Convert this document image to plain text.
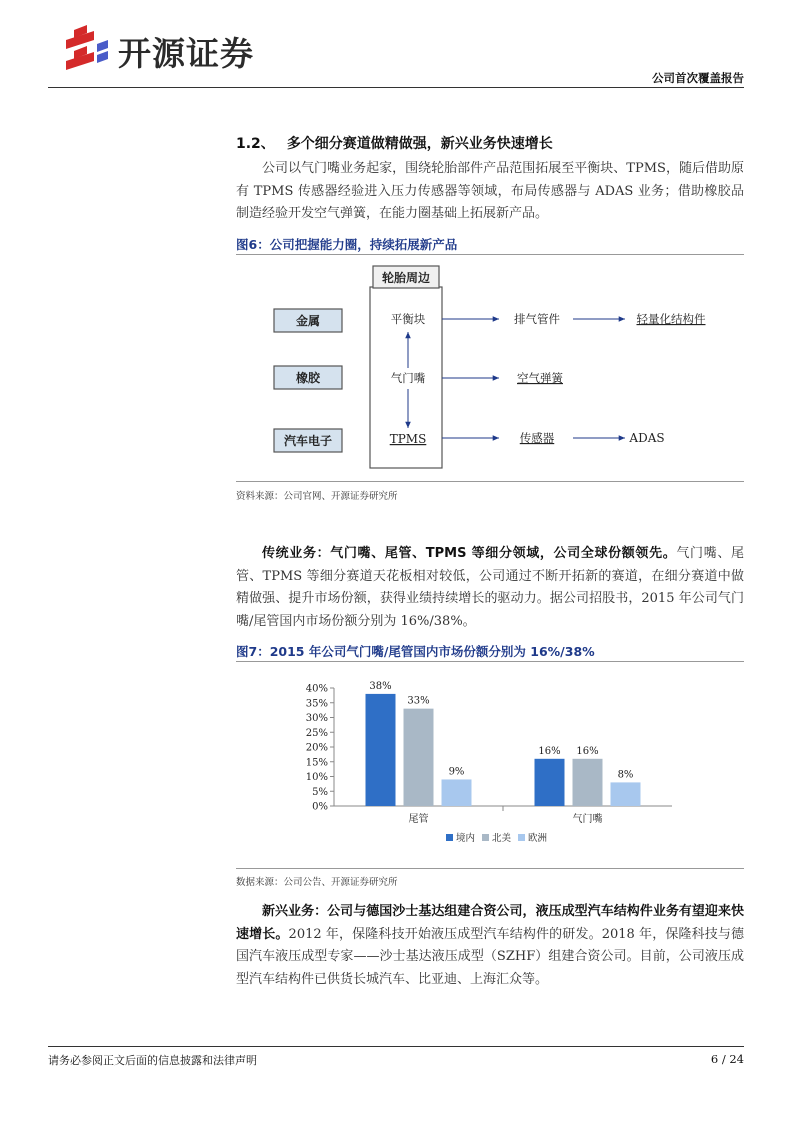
开源证券
公司首次覆盖报告
1.2、 多个细分赛道做精做强，新兴业务快速增长
公司以气门嘴业务起家，围绕轮胎部件产品范围拓展至平衡块、TPMS，随后借助原有 TPMS 传感器经验进入压力传感器等领域，布局传感器与 ADAS 业务；借助橡胶品制造经验开发空气弹簧，在能力圈基础上拓展新产品。
图6：公司把握能力圈，持续拓展新产品
轮胎周边
金属
橡胶
汽车电子
平衡块
气门嘴
TPMS
排气管件	轻量化结构件
空气弹簧
传感器	ADAS
资料来源：公司官网、开源证券研究所
传统业务：气门嘴、尾管、TPMS 等细分领域，公司全球份额领先。气门嘴、尾管、TPMS 等细分赛道天花板相对较低，公司通过不断开拓新的赛道，在细分赛道中做精做强、提升市场份额，获得业绩持续增长的驱动力。据公司招股书，2015 年公司气门嘴/尾管国内市场份额分别为 16%/38%。
图7：2015 年公司气门嘴/尾管国内市场份额分别为 16%/38%
40%
35%
30%
25%
20%
15%
10%
5%
0%
38%
33%
9%
尾管
16% 16%
8%
气门嘴
境内 北美 欧洲
数据来源：公司公告、开源证券研究所
新兴业务：公司与德国沙士基达组建合资公司，液压成型汽车结构件业务有望迎来快速增长。2012 年，保隆科技开始液压成型汽车结构件的研发。2018 年，保隆科技与德国汽车液压成型专家——沙士基达液压成型（SZHF）组建合资公司。目前，公司液压成型汽车结构件已供货长城汽车、比亚迪、上海汇众等。
请务必参阅正文后面的信息披露和法律声明	6 / 24
